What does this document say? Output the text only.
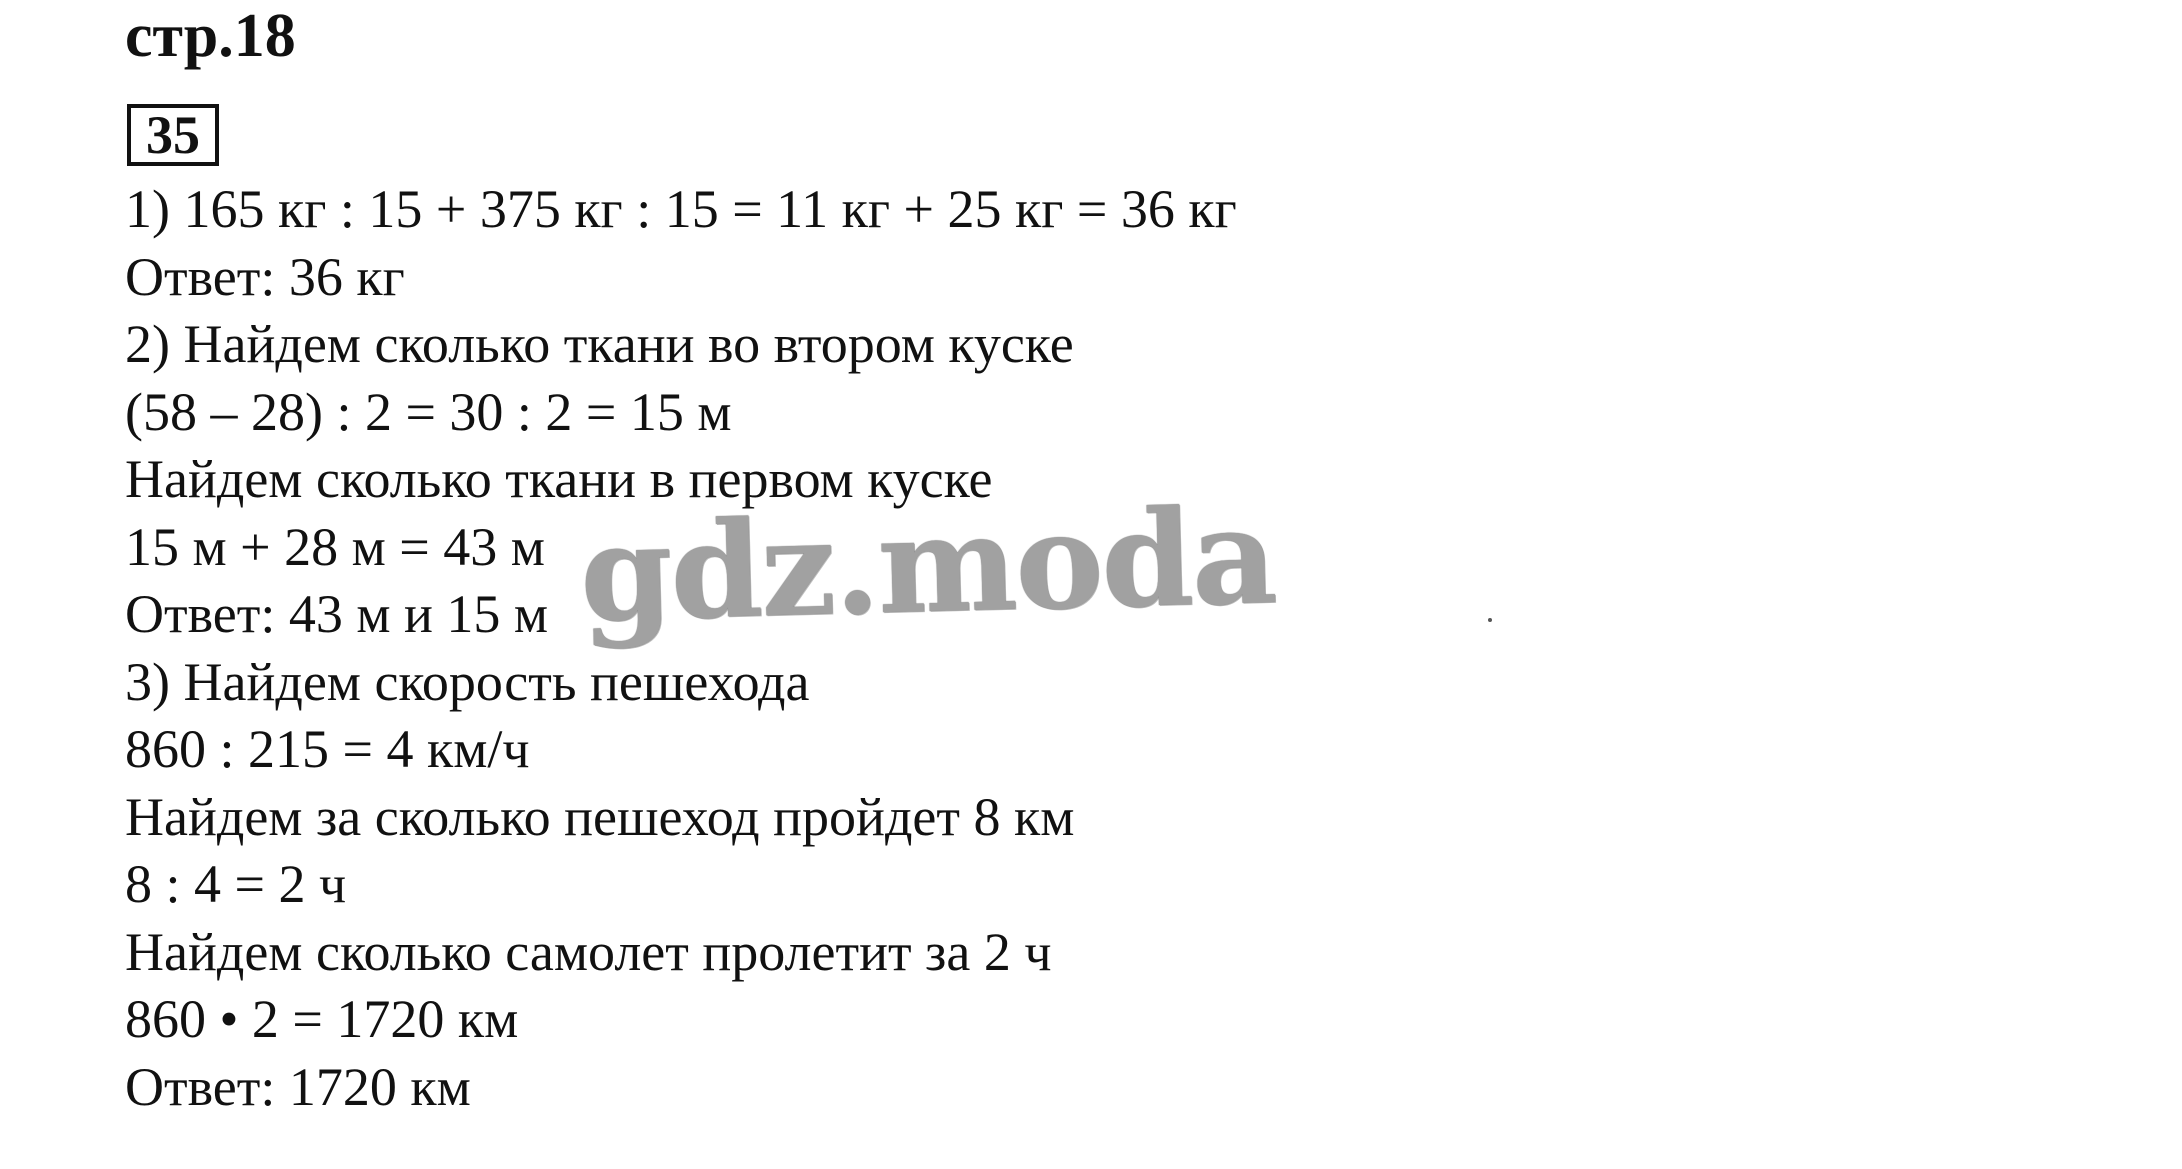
стр.18
35
1) 165 кг : 15 + 375 кг : 15 = 11 кг + 25 кг = 36 кг
Ответ: 36 кг
2) Найдем сколько ткани во втором куске
(58 – 28) : 2 = 30 : 2 = 15 м
Найдем сколько ткани в первом куске
15 м + 28 м = 43 м
Ответ: 43 м и 15 м
3) Найдем скорость пешехода
860 : 215 = 4 км/ч
Найдем за сколько пешеход пройдет 8 км
8 : 4 = 2 ч
Найдем сколько самолет пролетит за 2 ч
860 • 2 = 1720 км
Ответ: 1720 км
gdz.moda
